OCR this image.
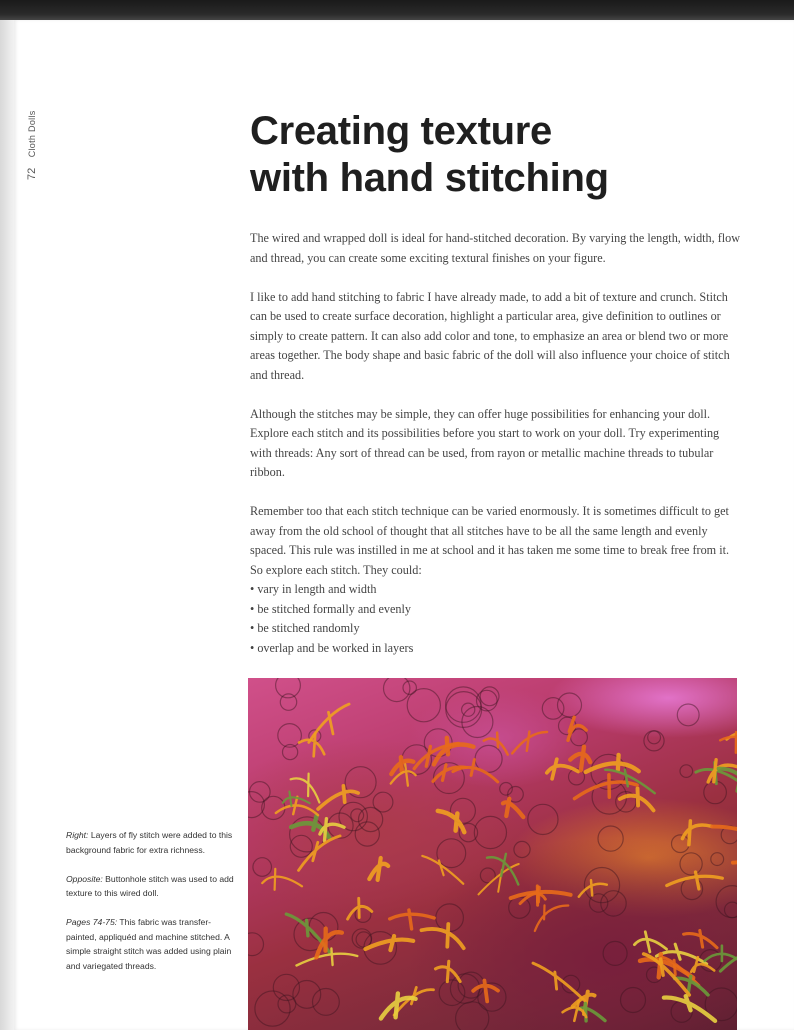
72 Cloth Dolls	Creating texture
with hand stitching

The wired and wrapped doll is ideal for hand-stitched decoration. By varying the length, width, flow and thread, you can create some exciting textural finishes on your figure.

I like to add hand stitching to fabric I have already made, to add a bit of texture and crunch. Stitch can be used to create surface decoration, highlight a particular area, give definition to outlines or simply to create pattern. It can also add color and tone, to emphasize an area or blend two or more areas together. The body shape and basic fabric of the doll will also influence your choice of stitch and thread.

Although the stitches may be simple, they can offer huge possibilities for enhancing your doll. Explore each stitch and its possibilities before you start to work on your doll. Try experimenting with threads: Any sort of thread can be used, from rayon or metallic machine threads to tubular ribbon.

Remember too that each stitch technique can be varied enormously. It is sometimes difficult to get away from the old school of thought that all stitches have to be all the same length and evenly spaced. This rule was instilled in me at school and it has taken me some time to break free from it. So explore each stitch. They could:

• vary in length and width
• be stitched formally and evenly
• be stitched randomly
• overlap and be worked in layers

Right: Layers of fly stitch were added to this background fabric for extra richness.

Opposite: Buttonhole stitch was used to add texture to this wired doll.

Pages 74-75: This fabric was transfer-painted, appliquéd and machine stitched. A simple straight stitch was added using plain and variegated threads.
